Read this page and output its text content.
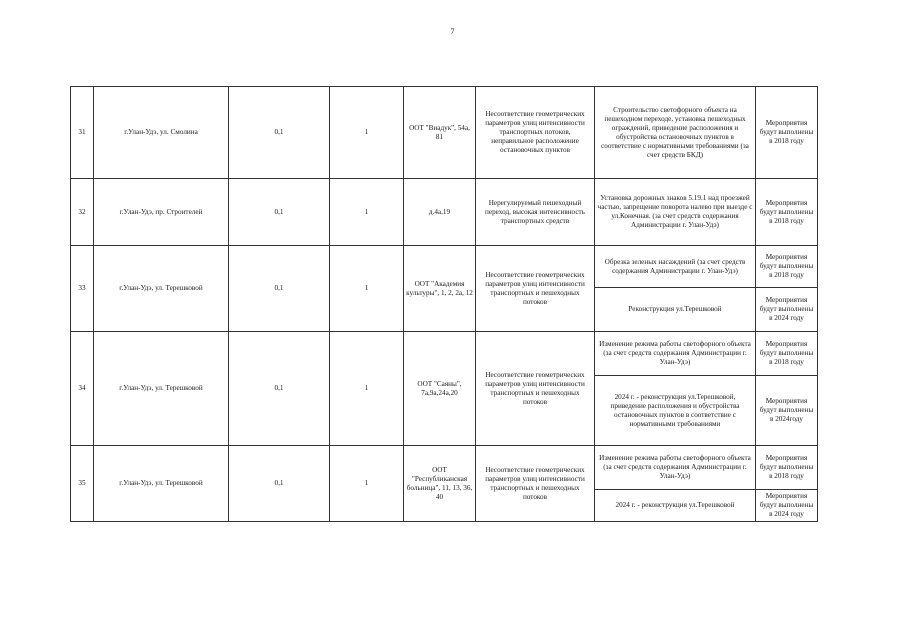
7
31	г.Улан-Удэ, ул. Смолина	0,1	1	ООТ "Виадук", 54а, 81	Несоответствие геометрических параметров улиц интенсивности транспортных потоков, неправильное расположение остановочных пунктов	Строительство светофорного объекта на пешеходном переходе, установка пешеходных ограждений, приведение расположения и обустройства остановочных пунктов в соответствие с нормативными требованиями (за счет средств БКД)	Мероприятия будут выполнены в 2018 году
32	г.Улан-Удэ, пр. Строителей	0,1	1	д.4а,19	Нерегулируемый пешеходный переход, высокая интенсивность транспортных средств	Установка дорожных знаков 5.19.1 над проезжей частью, запрещение поворота налево при выезде с ул.Конечная. (за счет средств содержания Администрации г. Улан-Удэ)	Мероприятия будут выполнены в 2018 году
33	г.Улан-Удэ, ул. Терешковой	0,1	1	ООТ "Академия культуры", 1, 2, 2а, 12	Несоответствие геометрических параметров улиц интенсивности транспортных и пешеходных потоков	Обрезка зеленых насаждений (за счет средств содержания Администрации г. Улан-Удэ)	Мероприятия будут выполнены в 2018 году
						Реконструкция ул.Терешковой	Мероприятия будут выполнены в 2024 году
34	г.Улан-Удэ, ул. Терешковой	0,1	1	ООТ "Саяны", 7а,9а,24а,20	Несоответствие геометрических параметров улиц интенсивности транспортных и пешеходных потоков	Изменение режима работы светофорного объекта (за счет средств содержания Администрации г. Улан-Удэ)	Мероприятия будут выполнены в 2018 году
						2024 г. - реконструкция ул.Терешковой, приведение расположения и обустройства остановочных пунктов в соответствие с нормативными требованиями	Мероприятия будут выполнены в 2024году
35	г.Улан-Удэ, ул. Терешковой	0,1	1	ООТ "Республиканская больница", 11, 13, 36, 40	Несоответствие геометрических параметров улиц интенсивности транспортных и пешеходных потоков	Изменение режима работы светофорного объекта (за счет средств содержания Администрации г. Улан-Удэ)	Мероприятия будут выполнены в 2018 году
						2024 г. - реконструкция ул.Терешковой	Мероприятия будут выполнены в 2024 году
